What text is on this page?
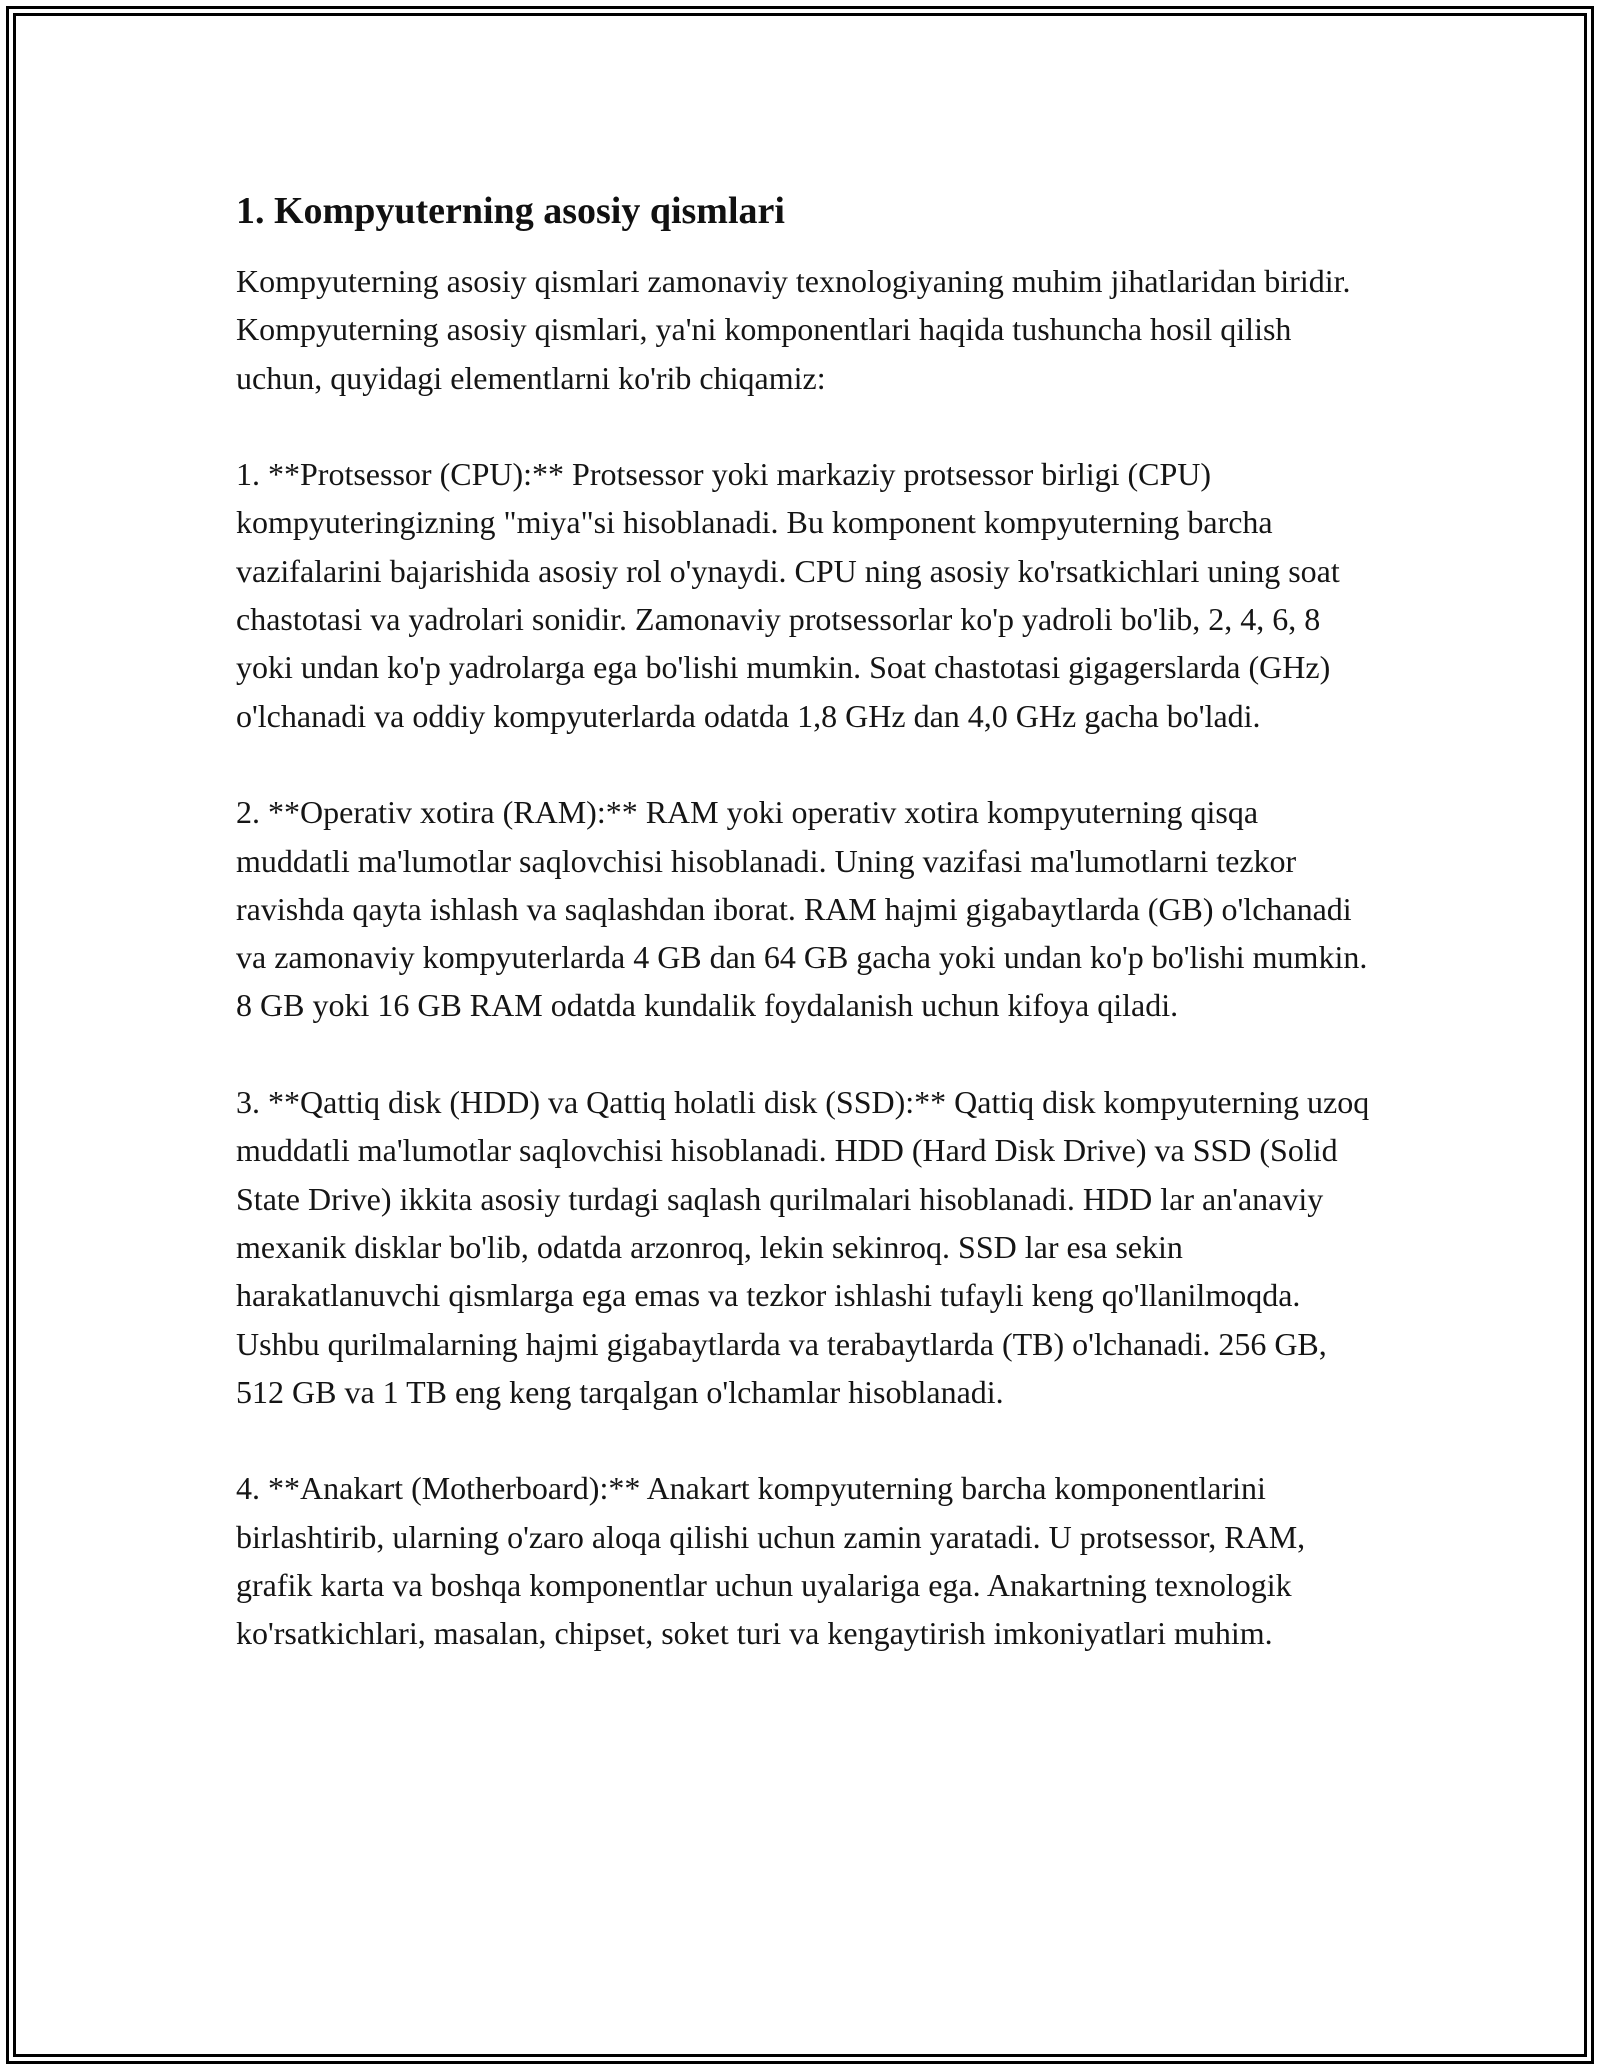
1. Kompyuterning asosiy qismlari

Kompyuterning asosiy qismlari zamonaviy texnologiyaning muhim jihatlaridan biridir. Kompyuterning asosiy qismlari, ya'ni komponentlari haqida tushuncha hosil qilish uchun, quyidagi elementlarni ko'rib chiqamiz:

1. **Protsessor (CPU):** Protsessor yoki markaziy protsessor birligi (CPU) kompyuteringizning "miya"si hisoblanadi. Bu komponent kompyuterning barcha vazifalarini bajarishida asosiy rol o'ynaydi. CPU ning asosiy ko'rsatkichlari uning soat chastotasi va yadrolari sonidir. Zamonaviy protsessorlar ko'p yadroli bo'lib, 2, 4, 6, 8 yoki undan ko'p yadrolarga ega bo'lishi mumkin. Soat chastotasi gigagerslarda (GHz) o'lchanadi va oddiy kompyuterlarda odatda 1,8 GHz dan 4,0 GHz gacha bo'ladi.

2. **Operativ xotira (RAM):** RAM yoki operativ xotira kompyuterning qisqa muddatli ma'lumotlar saqlovchisi hisoblanadi. Uning vazifasi ma'lumotlarni tezkor ravishda qayta ishlash va saqlashdan iborat. RAM hajmi gigabaytlarda (GB) o'lchanadi va zamonaviy kompyuterlarda 4 GB dan 64 GB gacha yoki undan ko'p bo'lishi mumkin. 8 GB yoki 16 GB RAM odatda kundalik foydalanish uchun kifoya qiladi.

3. **Qattiq disk (HDD) va Qattiq holatli disk (SSD):** Qattiq disk kompyuterning uzoq muddatli ma'lumotlar saqlovchisi hisoblanadi. HDD (Hard Disk Drive) va SSD (Solid State Drive) ikkita asosiy turdagi saqlash qurilmalari hisoblanadi. HDD lar an'anaviy mexanik disklar bo'lib, odatda arzonroq, lekin sekinroq. SSD lar esa sekin harakatlanuvchi qismlarga ega emas va tezkor ishlashi tufayli keng qo'llanilmoqda. Ushbu qurilmalarning hajmi gigabaytlarda va terabaytlarda (TB) o'lchanadi. 256 GB, 512 GB va 1 TB eng keng tarqalgan o'lchamlar hisoblanadi.

4. **Anakart (Motherboard):** Anakart kompyuterning barcha komponentlarini birlashtirib, ularning o'zaro aloqa qilishi uchun zamin yaratadi. U protsessor, RAM, grafik karta va boshqa komponentlar uchun uyalariga ega. Anakartning texnologik ko'rsatkichlari, masalan, chipset, soket turi va kengaytirish imkoniyatlari muhim.
